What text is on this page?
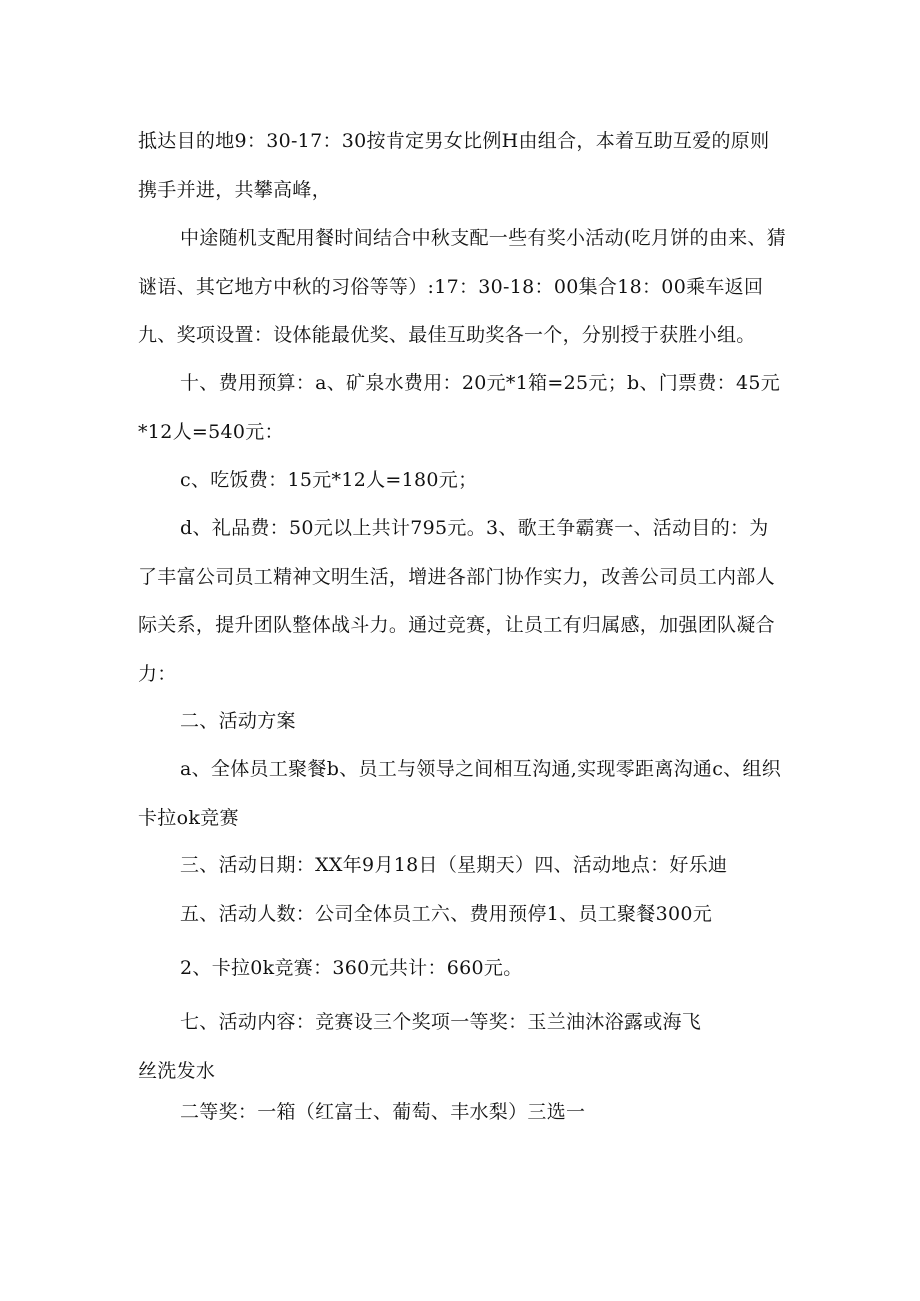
抵达目的地9：30-17：30按肯定男女比例H由组合，本着互助互爱的原则携手并进，共攀高峰，

中途随机支配用餐时间结合中秋支配一些有奖小活动(吃月饼的由来、猜谜语、其它地方中秋的习俗等等）:17：30-18：00集合18：00乘车返回九、奖项设置：设体能最优奖、最佳互助奖各一个，分别授于获胜小组。

十、费用预算：a、矿泉水费用：20元*1箱=25元；b、门票费：45元*12人=540元：

c、吃饭费：15元*12人=180元；

d、礼品费：50元以上共计795元。3、歌王争霸赛一、活动目的：为了丰富公司员工精神文明生活，增进各部门协作实力，改善公司员工内部人际关系，提升团队整体战斗力。通过竞赛，让员工有归属感，加强团队凝合力：

二、活动方案

a、全体员工聚餐b、员工与领导之间相互沟通,实现零距离沟通c、组织卡拉ok竞赛

三、活动日期：XX年9月18日（星期天）四、活动地点：好乐迪

五、活动人数：公司全体员工六、费用预停1、员工聚餐300元

2、卡拉0k竞赛：360元共计：660元。

七、活动内容：竞赛设三个奖项一等奖：玉兰油沐浴露或海飞丝洗发水

二等奖：一箱（红富士、葡萄、丰水梨）三选一
